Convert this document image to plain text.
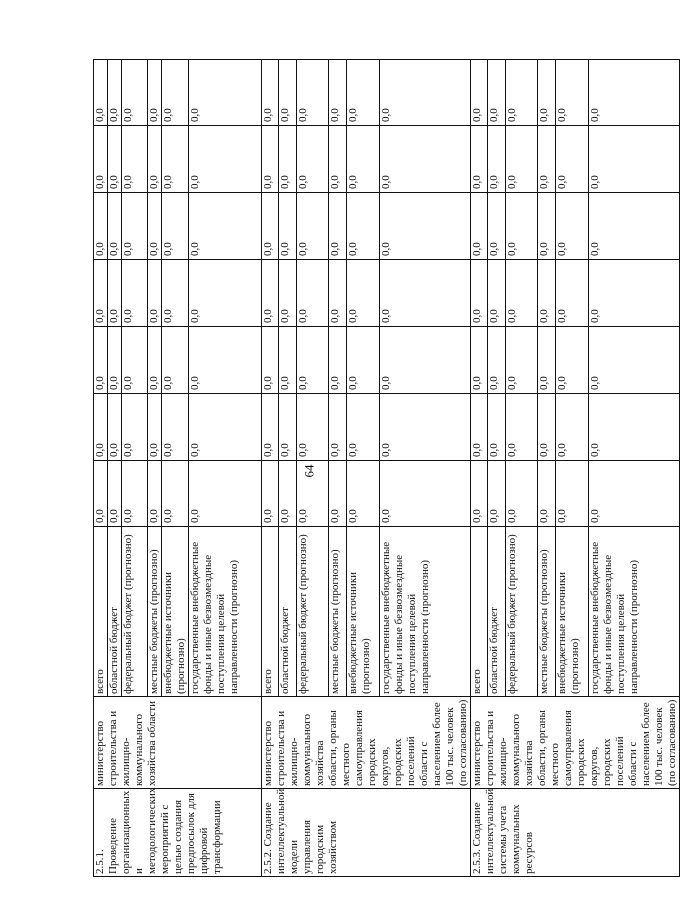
64
2.5.1. Проведение организационных и методологических мероприятий с целью создания предпосылок для цифровой трансформации	министерство строительства и жилищно-коммунального хозяйства области	всего	0,0	0,0	0,0	0,0	0,0	0,0	0,0
		областной бюджет	0,0	0,0	0,0	0,0	0,0	0,0	0,0
		федеральный бюджет (прогнозно)	0,0	0,0	0,0	0,0	0,0	0,0	0,0
		местные бюджеты (прогнозно)	0,0	0,0	0,0	0,0	0,0	0,0	0,0
		внебюджетные источники (прогнозно)	0,0	0,0	0,0	0,0	0,0	0,0	0,0
		государственные внебюджетные фонды и иные безвозмездные поступления целевой направленности (прогнозно)	0,0	0,0	0,0	0,0	0,0	0,0	0,0
2.5.2. Создание интеллектуальной модели управления городским хозяйством	министерство строительства и жилищно-коммунального хозяйства области, органы местного самоуправления городских округов, городских поселений области с населением более 100 тыс. человек (по согласованию)	всего	0,0	0,0	0,0	0,0	0,0	0,0	0,0
		областной бюджет	0,0	0,0	0,0	0,0	0,0	0,0	0,0
		федеральный бюджет (прогнозно)	0,0	0,0	0,0	0,0	0,0	0,0	0,0
		местные бюджеты (прогнозно)	0,0	0,0	0,0	0,0	0,0	0,0	0,0
		внебюджетные источники (прогнозно)	0,0	0,0	0,0	0,0	0,0	0,0	0,0
		государственные внебюджетные фонды и иные безвозмездные поступления целевой направленности (прогнозно)	0,0	0,0	0,0	0,0	0,0	0,0	0,0
2.5.3. Создание интеллектуальной системы учета коммунальных ресурсов	министерство строительства и жилищно-коммунального хозяйства области, органы местного самоуправления городских округов, городских поселений области с населением более 100 тыс. человек (по согласованию)	всего	0,0	0,0	0,0	0,0	0,0	0,0	0,0
		областной бюджет	0,0	0,0	0,0	0,0	0,0	0,0	0,0
		федеральный бюджет (прогнозно)	0,0	0,0	0,0	0,0	0,0	0,0	0,0
		местные бюджеты (прогнозно)	0,0	0,0	0,0	0,0	0,0	0,0	0,0
		внебюджетные источники (прогнозно)	0,0	0,0	0,0	0,0	0,0	0,0	0,0
		государственные внебюджетные фонды и иные безвозмездные поступления целевой направленности (прогнозно)	0,0	0,0	0,0	0,0	0,0	0,0	0,0
